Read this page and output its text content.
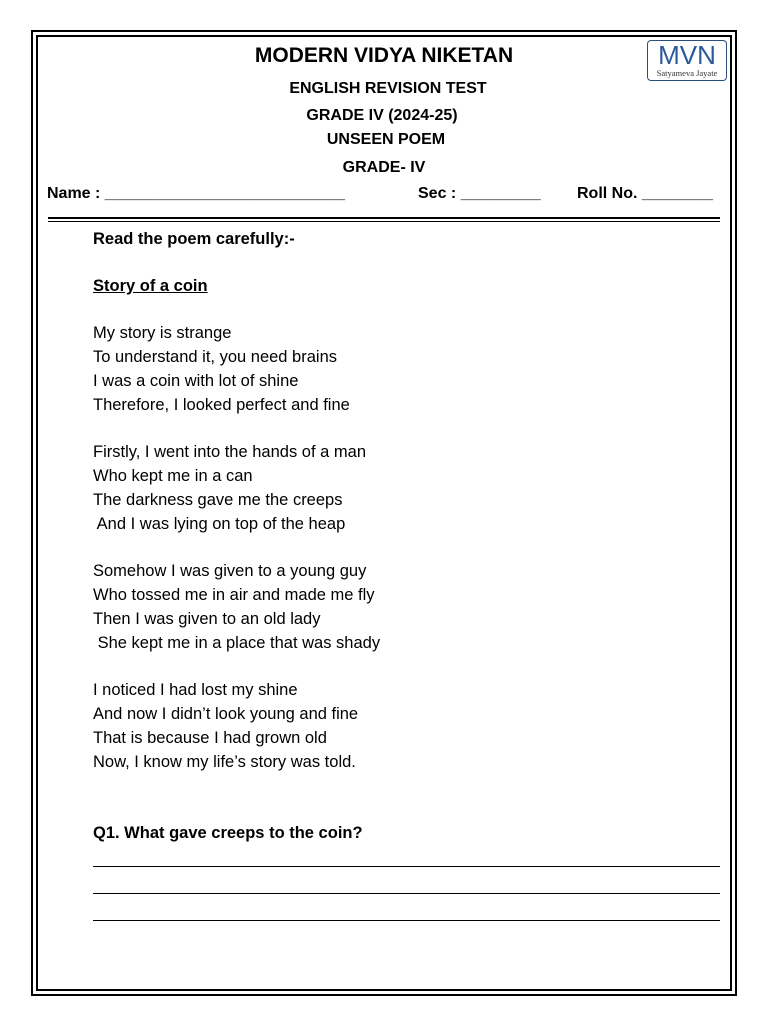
MODERN VIDYA NIKETAN	MVN
Satyameva Jayate
ENGLISH REVISION TEST
GRADE IV (2024-25)
UNSEEN POEM
GRADE- IV
Name : ___________________________	Sec : _________ Roll No. ________
Read the poem carefully:-
Story of a coin
My story is strange
To understand it, you need brains
I was a coin with lot of shine
Therefore, I looked perfect and fine
Firstly, I went into the hands of a man
Who kept me in a can
The darkness gave me the creeps
And I was lying on top of the heap
Somehow I was given to a young guy
Who tossed me in air and made me fly
Then I was given to an old lady
She kept me in a place that was shady
I noticed I had lost my shine
And now I didn’t look young and fine
That is because I had grown old
Now, I know my life’s story was told.
Q1. What gave creeps to the coin?
